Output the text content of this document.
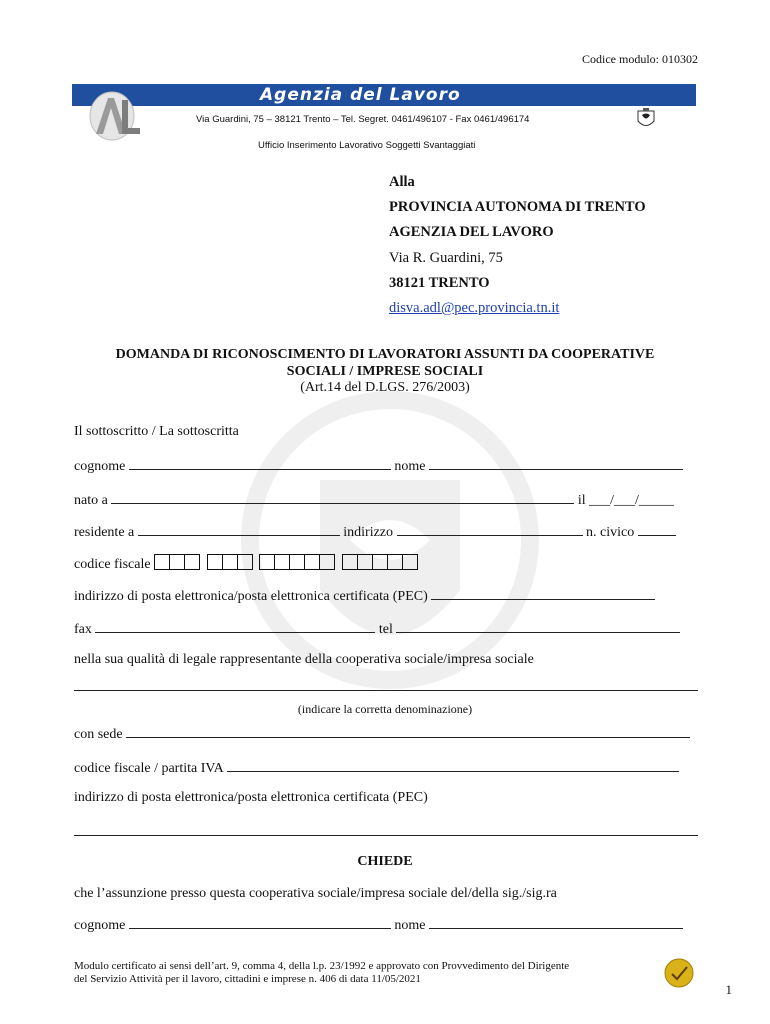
Codice modulo: 010302
Agenzia del Lavoro
Via Guardini, 75 – 38121 Trento – Tel. Segret. 0461/496107 - Fax 0461/496174
Ufficio Inserimento Lavorativo Soggetti Svantaggiati
Alla
PROVINCIA AUTONOMA DI TRENTO
AGENZIA DEL LAVORO
Via R. Guardini, 75
38121 TRENTO
disva.adl@pec.provincia.tn.it
DOMANDA DI RICONOSCIMENTO DI LAVORATORI ASSUNTI DA COOPERATIVE
SOCIALI / IMPRESE SOCIALI
(Art.14 del D.LGS. 276/2003)
Il sottoscritto / La sottoscritta
cognome	nome
nato a	il ___/___/_____
residente a	indirizzo	n. civico
codice fiscale
indirizzo di posta elettronica/posta elettronica certificata (PEC)
fax	tel
nella sua qualità di legale rappresentante della cooperativa sociale/impresa sociale
(indicare la corretta denominazione)
con sede
codice fiscale / partita IVA
indirizzo di posta elettronica/posta elettronica certificata (PEC)
CHIEDE
che l’assunzione presso questa cooperativa sociale/impresa sociale del/della sig./sig.ra
cognome	nome
Modulo certificato ai sensi dell’art. 9, comma 4, della l.p. 23/1992 e approvato con Provvedimento del Dirigente
del Servizio Attività per il lavoro, cittadini e imprese n. 406 di data 11/05/2021
1
